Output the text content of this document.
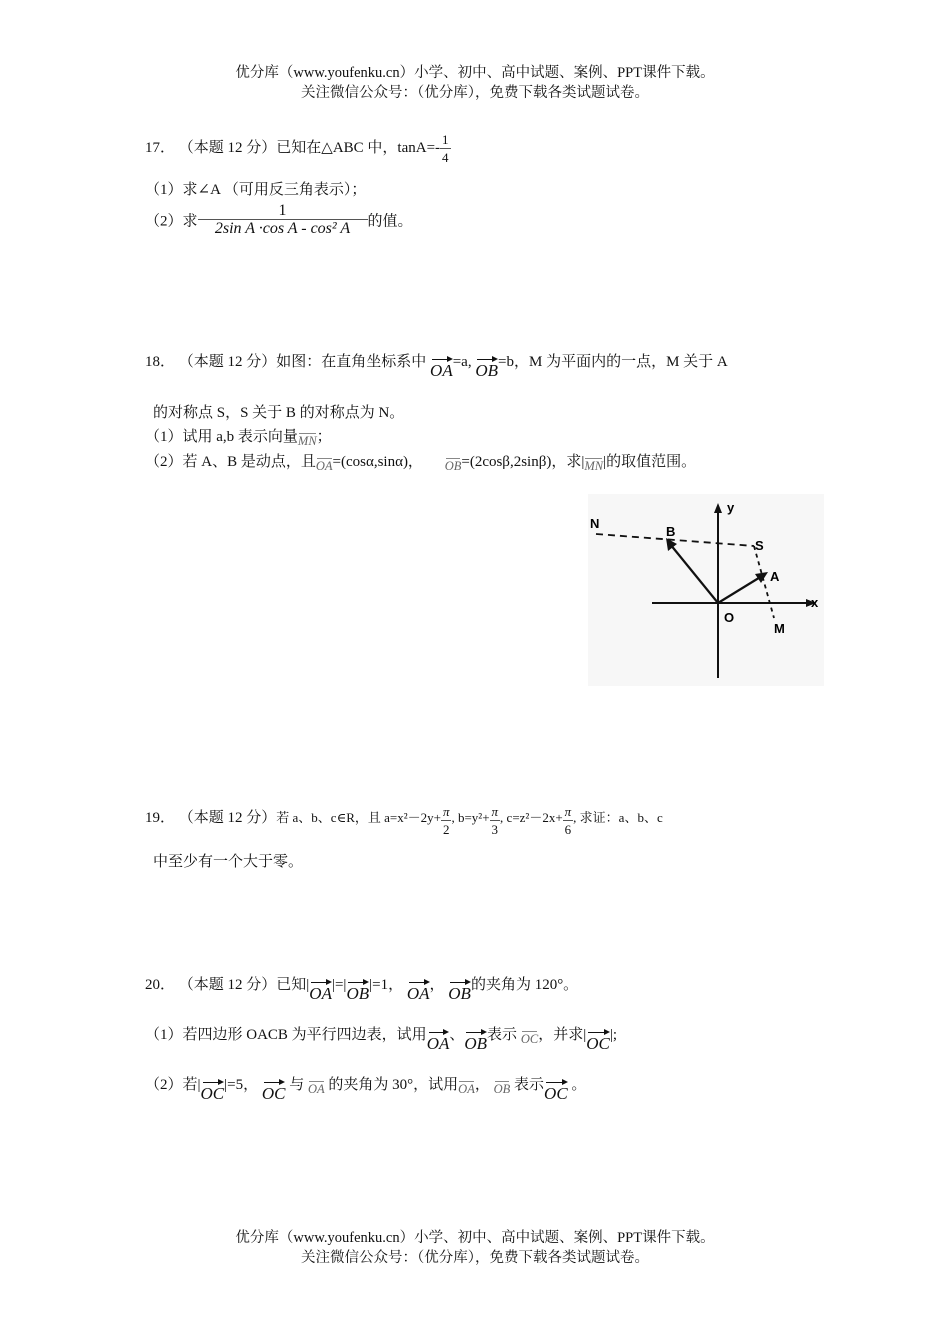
优分库（www.youfenku.cn）小学、初中、高中试题、案例、PPT课件下载。
关注微信公众号：（优分库），免费下载各类试题试卷。
17． （本题 12 分）已知在△ABC 中，$\tan A=- \frac{1}{4}$
（1）求∠A （可用反三角表示）；
（2）求 $\frac{1}{\text{2sin A ·cos A - cos² A}}$ 的值。
18． （本题 12 分）如图：在直角坐标系中 OA=a, OB=b，M 为平面内的一点，M 关于 A
的对称点 S，S 关于 B 的对称点为 N。
（1）试用 a,b 表示向量MN；
（2）若 A、B 是动点，且OA=(cosα,sinα)， OB=(2cosβ,2sinβ)，求|MN|的取值范围。
N
B
y
S
A
x
O
M
19． （本题 12 分）若 a、b、c∈R，且 $a=x^2-2y+ \frac{\pi}{2}$ , $b=y^2+ \frac{\pi}{3}$ , $c=z^2-2x+ \frac{\pi}{6}$ , 求证：a、b、c
中至少有一个大于零。
20． （本题 12 分）已知|OA|=|OB|=1， OA， OB的夹角为 120°。
（1）若四边形 OACB 为平行四边表，试用OA、OB表示 OC，并求|OC|;
（2）若|OC|=5， OC 与 OA 的夹角为 30°，试用OA， OB 表示OC 。
优分库（www.youfenku.cn）小学、初中、高中试题、案例、PPT课件下载。
关注微信公众号：（优分库），免费下载各类试题试卷。
